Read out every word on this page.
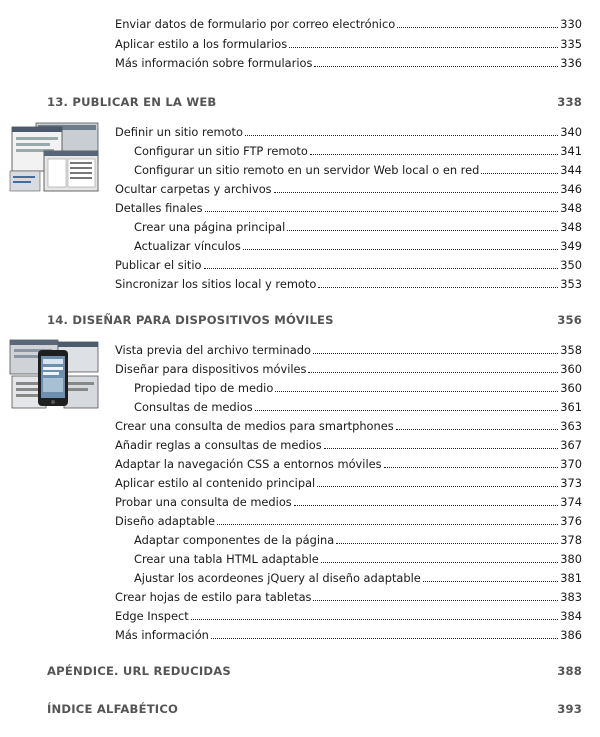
Enviar datos de formulario por correo electrónico	330
Aplicar estilo a los formularios	335
Más información sobre formularios	336
13. PUBLICAR EN LA WEB	338
Definir un sitio remoto	340
Configurar un sitio FTP remoto	341
Configurar un sitio remoto en un servidor Web local o en red	344
Ocultar carpetas y archivos	346
Detalles finales	348
Crear una página principal	348
Actualizar vínculos	349
Publicar el sitio	350
Sincronizar los sitios local y remoto	353
14. DISEÑAR PARA DISPOSITIVOS MÓVILES	356
Vista previa del archivo terminado	358
Diseñar para dispositivos móviles	360
Propiedad tipo de medio	360
Consultas de medios	361
Crear una consulta de medios para smartphones	363
Añadir reglas a consultas de medios	367
Adaptar la navegación CSS a entornos móviles	370
Aplicar estilo al contenido principal	373
Probar una consulta de medios	374
Diseño adaptable	376
Adaptar componentes de la página	378
Crear una tabla HTML adaptable	380
Ajustar los acordeones jQuery al diseño adaptable	381
Crear hojas de estilo para tabletas	383
Edge Inspect	384
Más información	386
APÉNDICE. URL REDUCIDAS	388
ÍNDICE ALFABÉTICO	393
